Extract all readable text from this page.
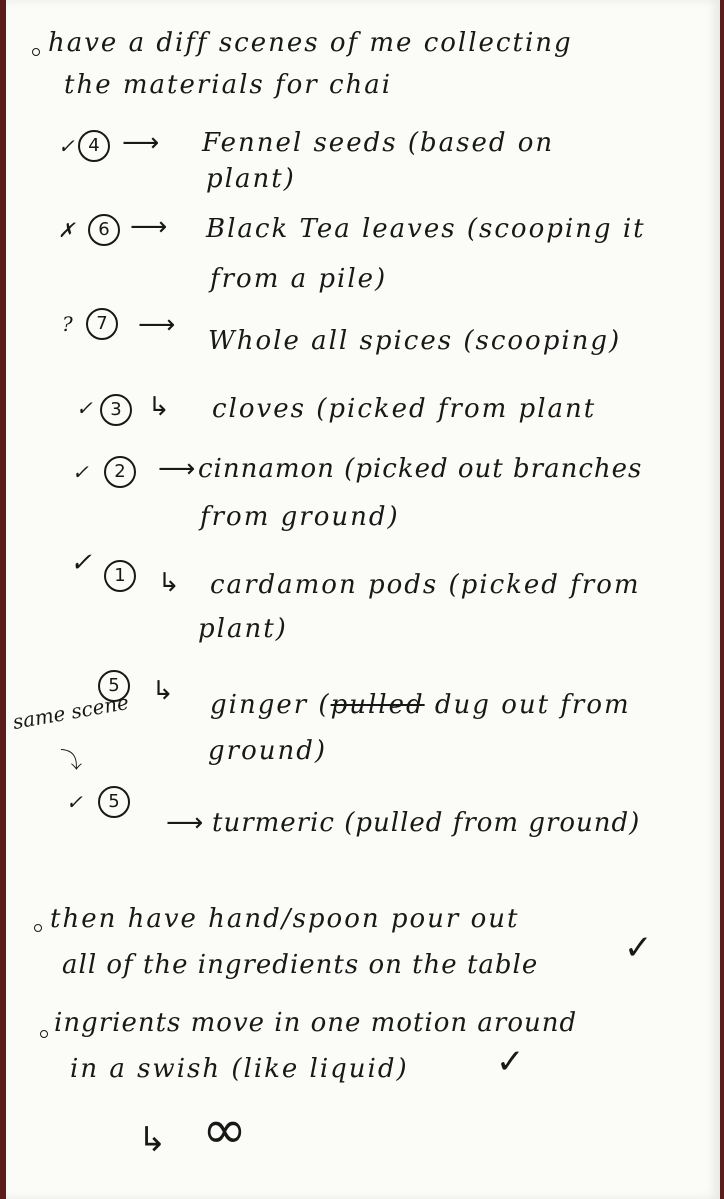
have a diff scenes of me collecting
the materials for chai
✓ 4 ⟶ Fennel seeds (based on
plant)
✗	6 ⟶ Black Tea leaves (scooping it
from a pile)
?	7	⟶
Whole all spices (scooping)
✓ 3	↳ cloves (picked from plant
✓	2	⟶ cinnamon (picked out branches
from ground)
✓	1	↳ cardamon pods (picked from
plant)
5	↳ ginger (pulled dug out from
ground)
same scene
⤵
✓	5
⟶ turmeric (pulled from ground)
then have hand/spoon pour out
all of the ingredients on the table	✓
ingrients move in one motion around
in a swish (like liquid)	✓
↳ ∞
